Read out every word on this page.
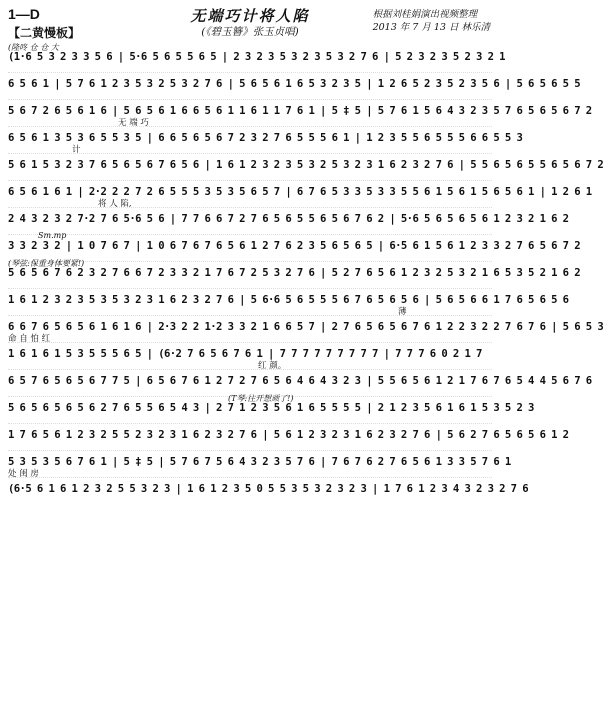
1—D
【二黄慢板】
无端巧计将人陷
(《碧玉簪》张玉贞唱)
根据刘桂娟演出视频整理
2013 年 7 月 13 日 林乐清
(1·6 5 3 2 3 3 5 6 | 5·6 5 6 5 5 6 5 | 2 3 2 3 5 3 2 3 5 3 2 7 6 | 5 2 3 2 3 5 2 3 2 1
(隆咚 仓 仓 大
6 5 6 1 | 5 7 6 1 2 3 5 3 2 5 3 2 7 6 | 5 6 5 6 1 6 5 3 2 3 5 | 1 2 6 5 2 3 5 2 3 5 6 | 5 6 5 6 5 5
5 6 7 2 6 5 6 1 6 | 5 6 5 6 1 6 6 5 6 1 1 6 1 1 7 6 1 | 5 ‡ 5 | 5 7 6 1 5 6 4 3 2 3 5 7 6 5 6 5 6 7 2
无 端 巧
6 5 6 1 3 5 3 6 5 5 3 5 | 6 6 5 6 5 6 7 2 3 2 7 6 5 5 5 6 1 | 1 2 3 5 5 6 5 5 5 6 6 5 5 3
计
5 6 1 5 3 2 3 7 6 5 6 5 6 7 6 5 6 | 1 6 1 2 3 2 3 5 3 2 5 3 2 3 1 6 2 3 2 7 6 | 5 5 6 5 6 5 5 6 5 6 7 2
6 5 6 1 6 1 | 2·2 2 2 7 2 6 5 5 5 3 5 3 5 6 5 7 | 6 7 6 5 3 3 5 3 3 5 5 6 1 5 6 1 5 6 5 6 1 | 1 2 6 1
将 人 陷,
2 4 3 2 3 2 7·2 7 6 5·6 5 6 | 7 7 6 6 7 2 7 6 5 6 5 5 6 5 6 7 6 2 | 5·6 5 6 5 6 5 6 1 2 3 2 1 6 2
3 3 2 3 2 | 1 0 7 6 7 | 1 0 6 7 6 7 6 5 6 1 2 7 6 2 3 5 6 5 6 5 | 6·5 6 1 5 6 1 2 3 3 2 7 6 5 6 7 2
Sm.mp
5 6 5 6 7 6 2 3 2 7 6 6 7 2 3 3 2 1 7 6 7 2 5 3 2 7 6 | 5 2 7 6 5 6 1 2 3 2 5 3 2 1 6 5 3 5 2 1 6 2
(琴弦:保重身体要紧!)
1 6 1 2 3 2 3 5 3 5 3 2 3 1 6 2 3 2 7 6 | 5 6·6 5 6 5 5 5 6 7 6 5 6 5 6 | 5 6 5 6 6 1 7 6 5 6 5 6
薄
6 6 7 6 5 6 5 6 1 6 1 6 | 2·3 2 2 1·2 3 3 2 1 6 6 5 7 | 2 7 6 5 6 5 6 7 6 1 2 2 3 2 2 7 6 7 6 | 5 6 5 3
命 自 怕 红
1 6 1 6 1 5 3 5 5 5 6 5 | (6·2 7 6 5 6 7 6 1 | 7 7 7 7 7 7 7 7 7 | 7 7 7 6 0 2 1 7
红 颜。
6 5 7 6 5 6 5 6 7 7 5 | 6 5 6 7 6 1 2 7 2 7 6 5 6 4 6 4 3 2 3 | 5 5 6 5 6 1 2 1 7 6 7 6 5 4 4 5 6 7 6
5 6 5 6 5 6 5 6 2 7 6 5 5 6 5 4 3 | 2 7 1 2 3 5 6 1 6 5 5 5 5 | 2 1 2 3 5 6 1 6 1 5 3 5 2 3
(T琴:往开想顽了!)
1 7 6 5 6 1 2 3 2 5 5 2 3 2 3 1 6 2 3 2 7 6 | 5 6 1 2 3 2 3 1 6 2 3 2 7 6 | 5 6 2 7 6 5 6 5 6 1 2
5 3 5 3 5 6 7 6 1 | 5 ‡ 5 | 5 7 6 7 5 6 4 3 2 3 5 7 6 | 7 6 7 6 2 7 6 5 6 1 3 3 5 7 6 1
处 闺 房
(6·5 6 1 6 1 2 3 2 5 5 3 2 3 | 1 6 1 2 3 5 0 5 5 3 5 3 2 3 2 3 | 1 7 6 1 2 3 4 3 2 3 2 7 6
